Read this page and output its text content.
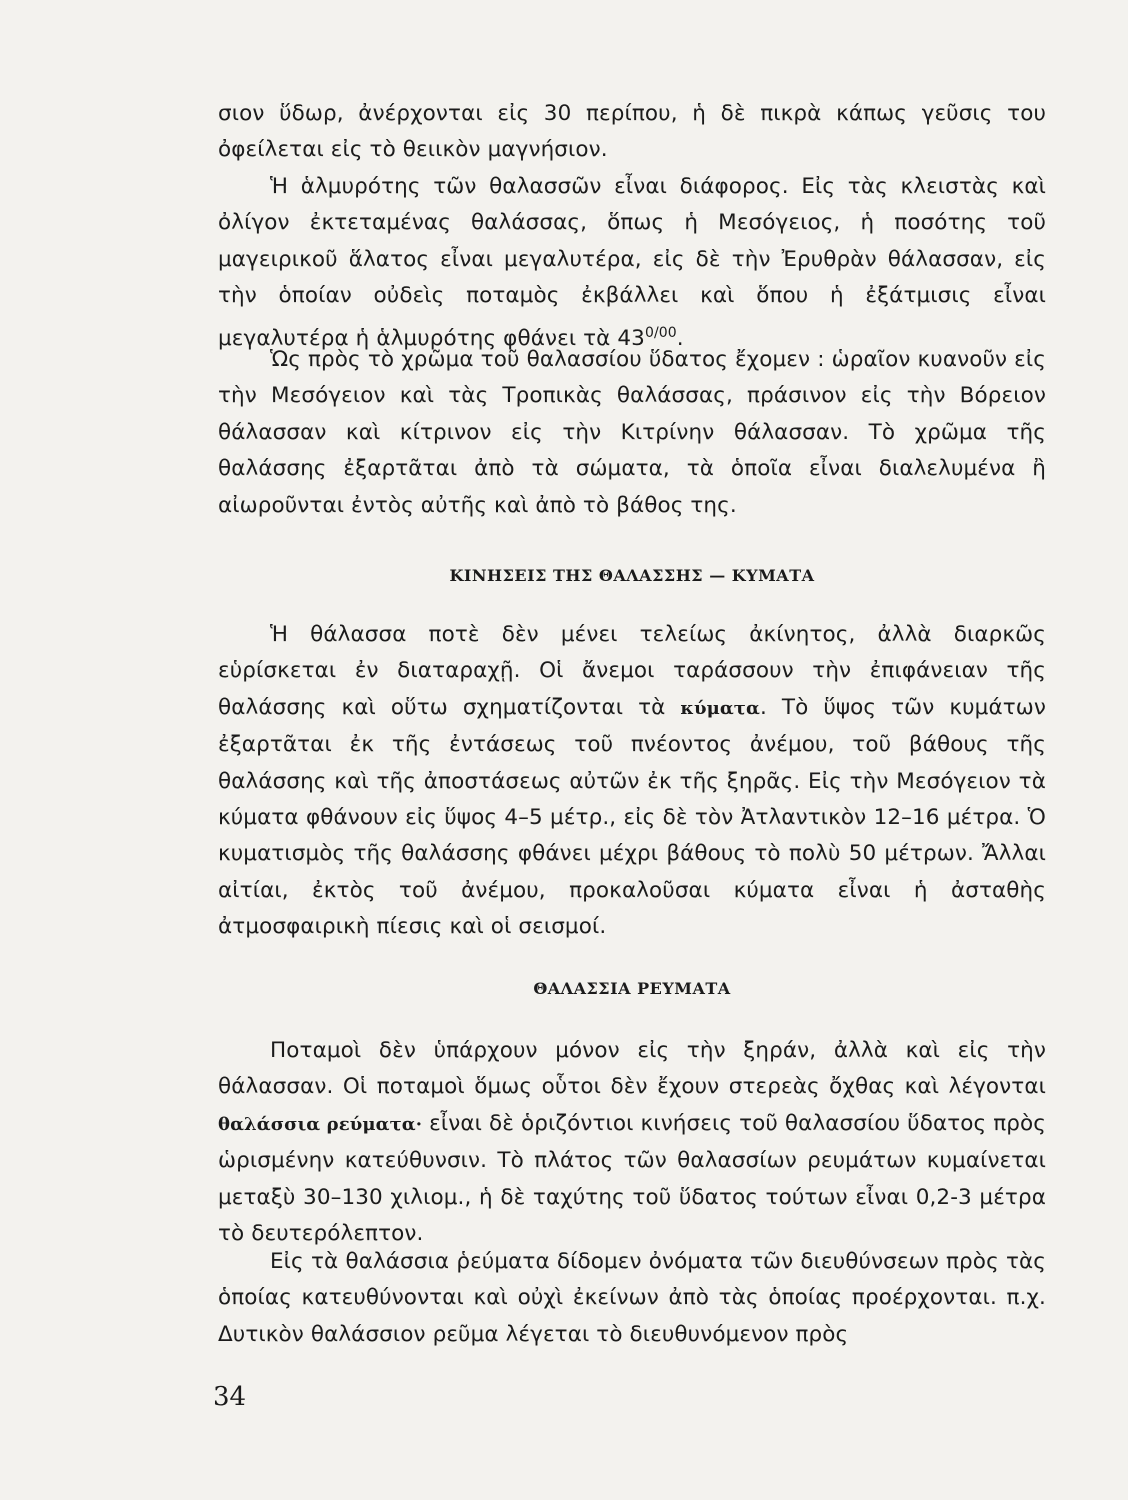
σιον ὕδωρ, ἀνέρχονται εἰς 30 περίπου, ἡ δὲ πικρὰ κάπως γεῦσις του ὀφείλεται εἰς τὸ θειικὸν μαγνήσιον.

Ἡ ἁλμυρότης τῶν θαλασσῶν εἶναι διάφορος. Εἰς τὰς κλειστὰς καὶ ὀλίγον ἐκτεταμένας θαλάσσας, ὅπως ἡ Μεσόγειος, ἡ ποσότης τοῦ μαγειρικοῦ ἅλατος εἶναι μεγαλυτέρα, εἰς δὲ τὴν Ἐρυθρὰν θάλασσαν, εἰς τὴν ὁποίαν οὐδεὶς ποταμὸς ἐκβάλλει καὶ ὅπου ἡ ἐξάτμισις εἶναι μεγαλυτέρα ἡ ἁλμυρότης φθάνει τὰ $43^{0/00}$.

Ὡς πρὸς τὸ χρῶμα τοῦ θαλασσίου ὕδατος ἔχομεν : ὡραῖον κυανοῦν εἰς τὴν Μεσόγειον καὶ τὰς Τροπικὰς θαλάσσας, πράσινον εἰς τὴν Βόρειον θάλασσαν καὶ κίτρινον εἰς τὴν Κιτρίνην θάλασσαν. Τὸ χρῶμα τῆς θαλάσσης ἐξαρτᾶται ἀπὸ τὰ σώματα, τὰ ὁποῖα εἶναι διαλελυμένα ἢ αἰωροῦνται ἐντὸς αὐτῆς καὶ ἀπὸ τὸ βάθος της.

ΚΙΝΗΣΕΙΣ ΤΗΣ ΘΑΛΑΣΣΗΣ — ΚΥΜΑΤΑ

Ἡ θάλασσα ποτὲ δὲν μένει τελείως ἀκίνητος, ἀλλὰ διαρκῶς εὑρίσκεται ἐν διαταραχῇ. Οἱ ἄνεμοι ταράσσουν τὴν ἐπιφάνειαν τῆς θαλάσσης καὶ οὕτω σχηματίζονται τὰ κύματα. Τὸ ὕψος τῶν κυμάτων ἐξαρτᾶται ἐκ τῆς ἐντάσεως τοῦ πνέοντος ἀνέμου, τοῦ βάθους τῆς θαλάσσης καὶ τῆς ἀποστάσεως αὐτῶν ἐκ τῆς ξηρᾶς. Εἰς τὴν Μεσόγειον τὰ κύματα φθάνουν εἰς ὕψος 4–5 μέτρ., εἰς δὲ τὸν Ἀτλαντικὸν 12–16 μέτρα. Ὁ κυματισμὸς τῆς θαλάσσης φθάνει μέχρι βάθους τὸ πολὺ 50 μέτρων. Ἄλλαι αἰτίαι, ἐκτὸς τοῦ ἀνέμου, προκαλοῦσαι κύματα εἶναι ἡ ἀσταθὴς ἀτμοσφαιρικὴ πίεσις καὶ οἱ σεισμοί.

ΘΑΛΑΣΣΙΑ ΡΕΥΜΑΤΑ

Ποταμοὶ δὲν ὑπάρχουν μόνον εἰς τὴν ξηράν, ἀλλὰ καὶ εἰς τὴν θάλασσαν. Οἱ ποταμοὶ ὅμως οὗτοι δὲν ἔχουν στερεὰς ὄχθας καὶ λέγονται θαλάσσια ρεύματα· εἶναι δὲ ὁριζόντιοι κινήσεις τοῦ θαλασσίου ὕδατος πρὸς ὡρισμένην κατεύθυνσιν. Τὸ πλάτος τῶν θαλασσίων ρευμάτων κυμαίνεται μεταξὺ 30–130 χιλιομ., ἡ δὲ ταχύτης τοῦ ὕδατος τούτων εἶναι 0,2-3 μέτρα τὸ δευτερόλεπτον.

Εἰς τὰ θαλάσσια ῥεύματα δίδομεν ὀνόματα τῶν διευθύνσεων πρὸς τὰς ὁποίας κατευθύνονται καὶ οὐχὶ ἐκείνων ἀπὸ τὰς ὁποίας προέρχονται. π.χ. Δυτικὸν θαλάσσιον ρεῦμα λέγεται τὸ διευθυνόμενον πρὸς

34
